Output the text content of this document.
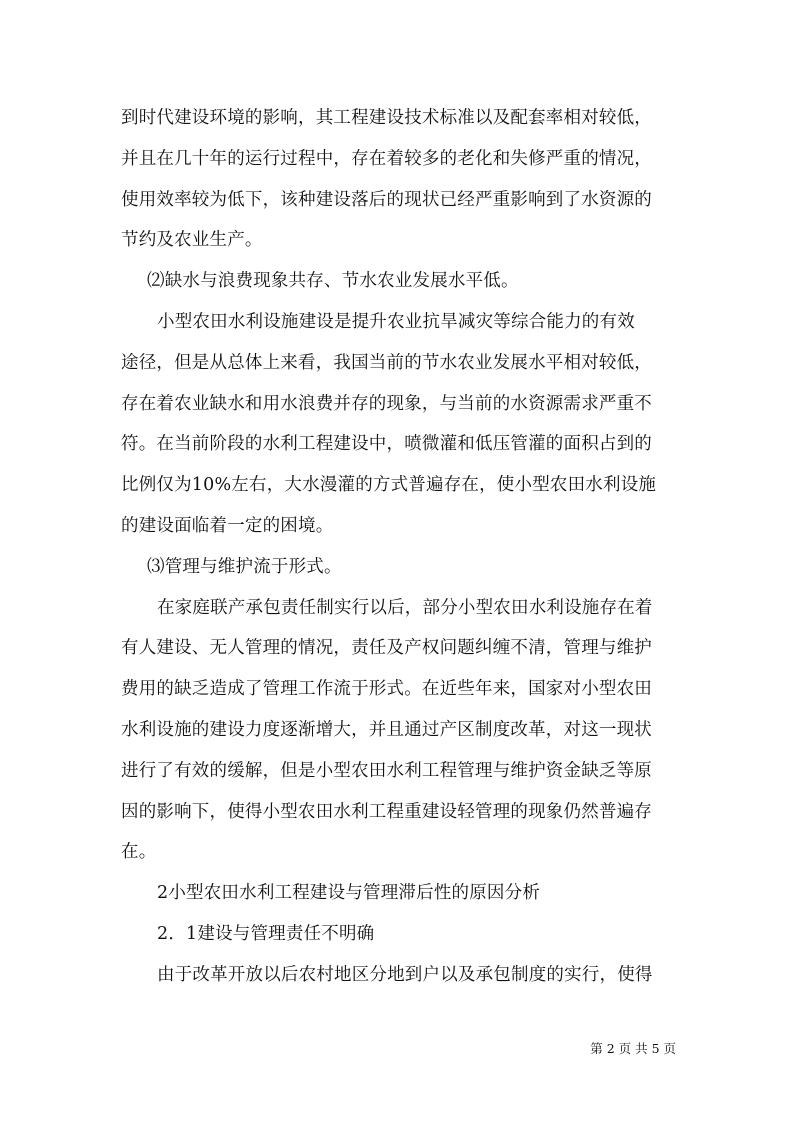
到时代建设环境的影响，其工程建设技术标准以及配套率相对较低，
并且在几十年的运行过程中，存在着较多的老化和失修严重的情况，
使用效率较为低下，该种建设落后的现状已经严重影响到了水资源的
节约及农业生产。
⑵缺水与浪费现象共存、节水农业发展水平低。
小型农田水利设施建设是提升农业抗旱减灾等综合能力的有效
途径，但是从总体上来看，我国当前的节水农业发展水平相对较低，
存在着农业缺水和用水浪费并存的现象，与当前的水资源需求严重不
符。在当前阶段的水利工程建设中，喷微灌和低压管灌的面积占到的
比例仅为10%左右，大水漫灌的方式普遍存在，使小型农田水利设施
的建设面临着一定的困境。
⑶管理与维护流于形式。
在家庭联产承包责任制实行以后，部分小型农田水利设施存在着
有人建设、无人管理的情况，责任及产权问题纠缠不清，管理与维护
费用的缺乏造成了管理工作流于形式。在近些年来，国家对小型农田
水利设施的建设力度逐渐增大，并且通过产区制度改革，对这一现状
进行了有效的缓解，但是小型农田水利工程管理与维护资金缺乏等原
因的影响下，使得小型农田水利工程重建设轻管理的现象仍然普遍存
在。
2小型农田水利工程建设与管理滞后性的原因分析
2．1建设与管理责任不明确
由于改革开放以后农村地区分地到户以及承包制度的实行，使得
第 2 页 共 5 页
